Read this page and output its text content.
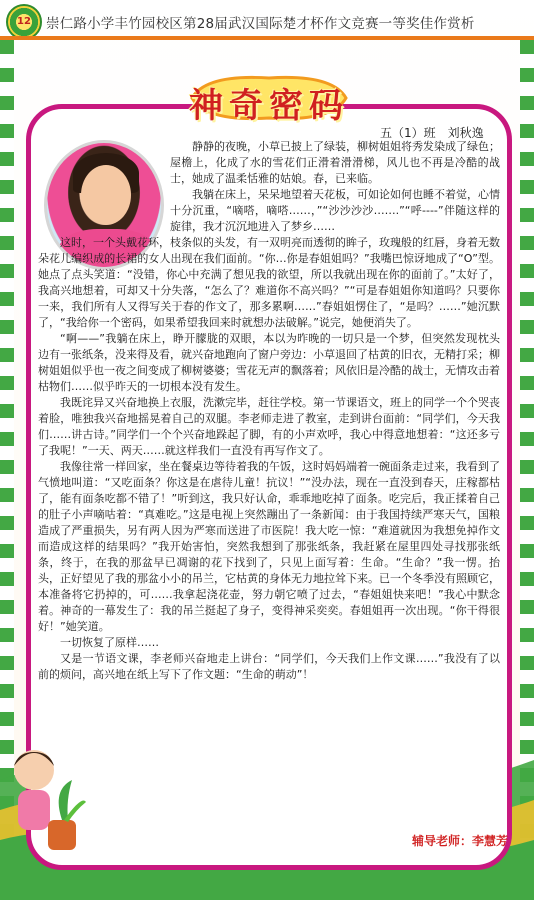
12	崇仁路小学丰竹园校区第28届武汉国际楚才杯作文竞赛一等奖佳作赏析
神奇密码
五（1）班　刘秋逸

静静的夜晚，小草已披上了绿装，柳树姐姐将秀发染成了绿色；屋檐上，化成了水的雪花们正滑着滑滑梯，风儿也不再是冷酷的战士，她成了温柔恬雅的姑娘。春，已来临。

我躺在床上，呆呆地望着天花板，可如论如何也睡不着觉，心情十分沉重，“嘀嗒，嘀嗒……，”“沙沙沙沙…….”“呼----”伴随这样的旋律，我才沉沉地进入了梦乡……

这时，一个头戴花环，枝条似的头发，有一双明亮而透彻的眸子，玫瑰般的红唇，身着无数朵花儿编织成的长裙的女人出现在我们面前。“你…你是春姐姐吗？”我嘴巴惊讶地成了“O”型。她点了点头笑道：“没错，你心中充满了想见我的欲望，所以我就出现在你的面前了。”太好了，我高兴地想着，可却又十分失落，“怎么了？难道你不高兴吗？”“可是春姐姐你知道吗？只要你一来，我们所有人又得写关于春的作文了，那多累啊……”春姐姐愣住了，“是吗？……”她沉默了，“我给你一个密码，如果希望我回来时就想办法破解。”说完，她便消失了。

“啊——”我躺在床上，睁开朦胧的双眼，本以为昨晚的一切只是一个梦，但突然发现枕头边有一张纸条，没来得及看，就兴奋地跑向了窗户旁边：小草退回了枯黄的旧衣，无精打采；柳树姐姐似乎也一夜之间变成了柳树婆婆；雪花无声的飘落着；风依旧是冷酷的战士，无情攻击着枯物们……似乎昨天的一切根本没有发生。

我既诧异又兴奋地换上衣服，洗漱完毕，赶往学校。第一节课语文，班上的同学一个个哭丧着脸，唯独我兴奋地摇晃着自己的双腿。李老师走进了教室，走到讲台面前：“同学们，今天我们……讲古诗。”同学们一个个兴奋地跺起了脚，有的小声欢呼，我心中得意地想着：“这还多亏了我呢！”一天、两天……就这样我们一直没有再写作文了。

我像往常一样回家，坐在餐桌边等待着我的午饭，这时妈妈端着一碗面条走过来，我看到了气愤地叫道：“又吃面条？你这是在虐待儿童！抗议！”“没办法，现在一直没到春天，庄稼都枯了，能有面条吃都不错了！”听到这，我只好认命，乖乖地吃掉了面条。吃完后，我正揉着自己的肚子小声嘀咕着：“真难吃。”这是电视上突然蹦出了一条新闻：由于我国持续严寒天气，国粮造成了严重损失，另有两人因为严寒而送进了市医院！我大吃一惊：“难道就因为我想免掉作文而造成这样的结果吗？”我开始害怕，突然我想到了那张纸条，我赶紧在屋里四处寻找那张纸条，终于，在我的那盆早已凋谢的花下找到了，只见上面写着：生命。“生命？”我一愣。抬头，正好望见了我的那盆小小的吊兰，它枯黄的身体无力地拉耸下来。已一个冬季没有照顾它，本准备将它扔掉的，可……我拿起浇花壶，努力朝它喷了过去，“春姐姐快来吧！”我心中默念着。神奇的一幕发生了：我的吊兰挺起了身子，变得神采奕奕。春姐姐再一次出现。“你干得很好！”她笑道。

一切恢复了原样……

又是一节语文课，李老师兴奋地走上讲台：“同学们，今天我们上作文课……”我没有了以前的烦问，高兴地在纸上写下了作文题：“生命的萌动”！

辅导老师：李慧芳
